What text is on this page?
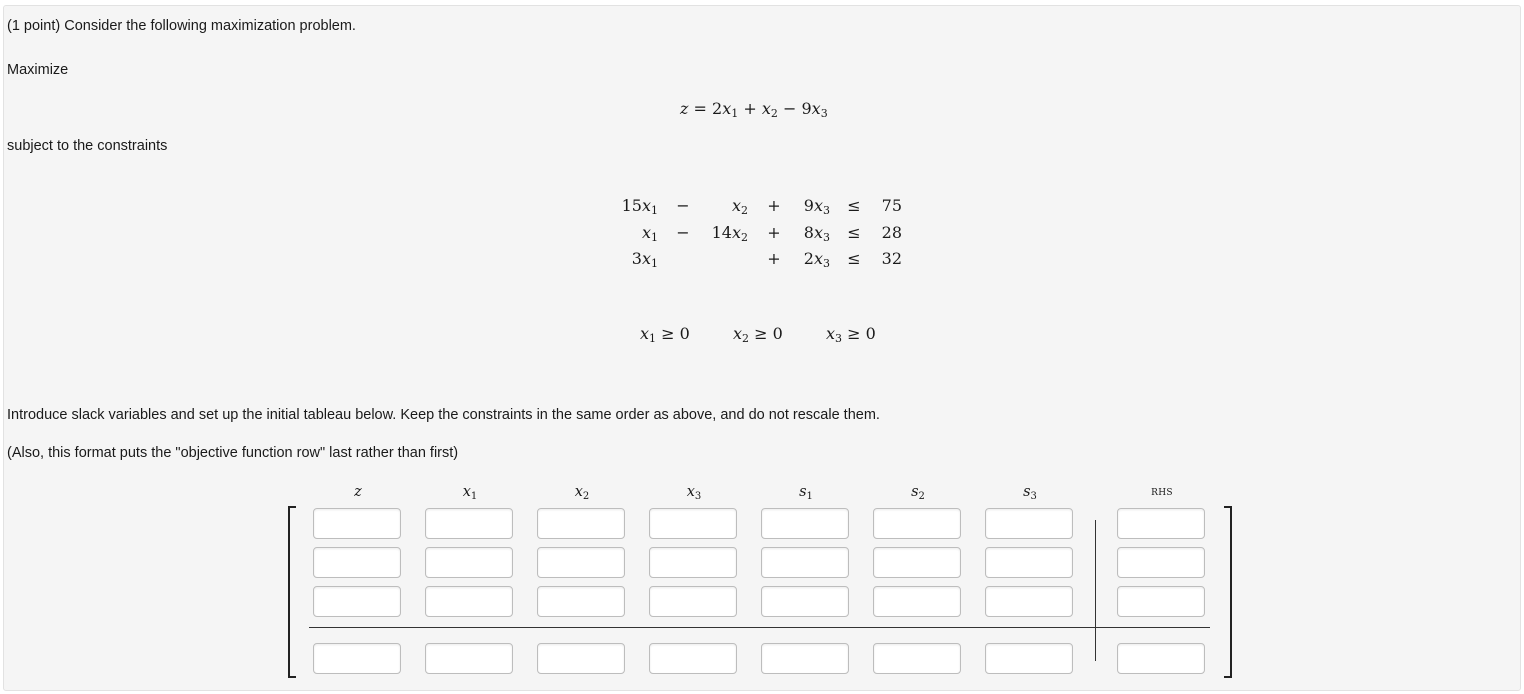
(1 point) Consider the following maximization problem.
Maximize
$z = 2x_1 + x_2 - 9x_3$
subject to the constraints
$15x_1$ −	$x_2$ +	$9x_3$ ≤	75
$x_1$ −	$14x_2$ +	$8x_3$ ≤	28
$3x_1$	+	$2x_3$ ≤	32
$x_1 \ge 0$	$x_2 \ge 0$	$x_3 \ge 0$
Introduce slack variables and set up the initial tableau below. Keep the constraints in the same order as above, and do not rescale them.
(Also, this format puts the "objective function row" last rather than first)
z	$x_1$	$x_2$	$x_3$	$s_1$	$s_2$	$s_3$	RHS
